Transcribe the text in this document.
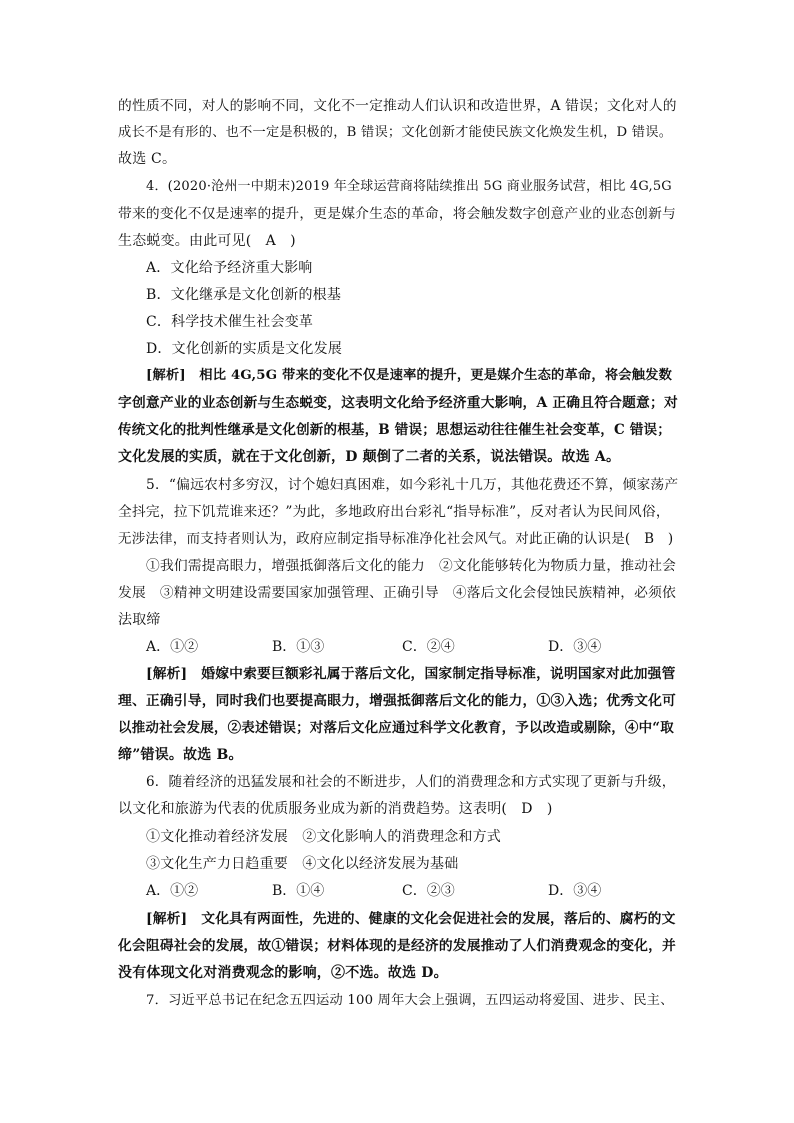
的性质不同，对人的影响不同，文化不一定推动人们认识和改造世界，A 错误；文化对人的
成长不是有形的、也不一定是积极的，B 错误；文化创新才能使民族文化焕发生机，D 错误。
故选 C。
4．(2020·沧州一中期末)2019 年全球运营商将陆续推出 5G 商业服务试营，相比 4G,5G
带来的变化不仅是速率的提升，更是媒介生态的革命，将会触发数字创意产业的业态创新与
生态蜕变。由此可见(　A　)
A．文化给予经济重大影响
B．文化继承是文化创新的根基
C．科学技术催生社会变革
D．文化创新的实质是文化发展
[解析]　相比 4G,5G 带来的变化不仅是速率的提升，更是媒介生态的革命，将会触发数
字创意产业的业态创新与生态蜕变，这表明文化给予经济重大影响，A 正确且符合题意；对
传统文化的批判性继承是文化创新的根基，B 错误；思想运动往往催生社会变革，C 错误；
文化发展的实质，就在于文化创新，D 颠倒了二者的关系，说法错误。故选 A。
5．“偏远农村多穷汉，讨个媳妇真困难，如今彩礼十几万，其他花费还不算，倾家荡产
全抖完，拉下饥荒谁来还？”为此，多地政府出台彩礼“指导标准”，反对者认为民间风俗，
无涉法律，而支持者则认为，政府应制定指导标准净化社会风气。对此正确的认识是(　B　)
①我们需提高眼力，增强抵御落后文化的能力　②文化能够转化为物质力量，推动社会
发展　③精神文明建设需要国家加强管理、正确引导　④落后文化会侵蚀民族精神，必须依
法取缔
A．①②	B．①③	C．②④	D．③④
[解析]　婚嫁中索要巨额彩礼属于落后文化，国家制定指导标准，说明国家对此加强管
理、正确引导，同时我们也要提高眼力，增强抵御落后文化的能力，①③入选；优秀文化可
以推动社会发展，②表述错误；对落后文化应通过科学文化教育，予以改造或剔除，④中“取
缔”错误。故选 B。
6．随着经济的迅猛发展和社会的不断进步，人们的消费理念和方式实现了更新与升级，
以文化和旅游为代表的优质服务业成为新的消费趋势。这表明(　D　)
①文化推动着经济发展　②文化影响人的消费理念和方式
③文化生产力日趋重要　④文化以经济发展为基础
A．①②	B．①④	C．②③	D．③④
[解析]　文化具有两面性，先进的、健康的文化会促进社会的发展，落后的、腐朽的文
化会阻碍社会的发展，故①错误；材料体现的是经济的发展推动了人们消费观念的变化，并
没有体现文化对消费观念的影响，②不选。故选 D。
7．习近平总书记在纪念五四运动 100 周年大会上强调，五四运动将爱国、进步、民主、
